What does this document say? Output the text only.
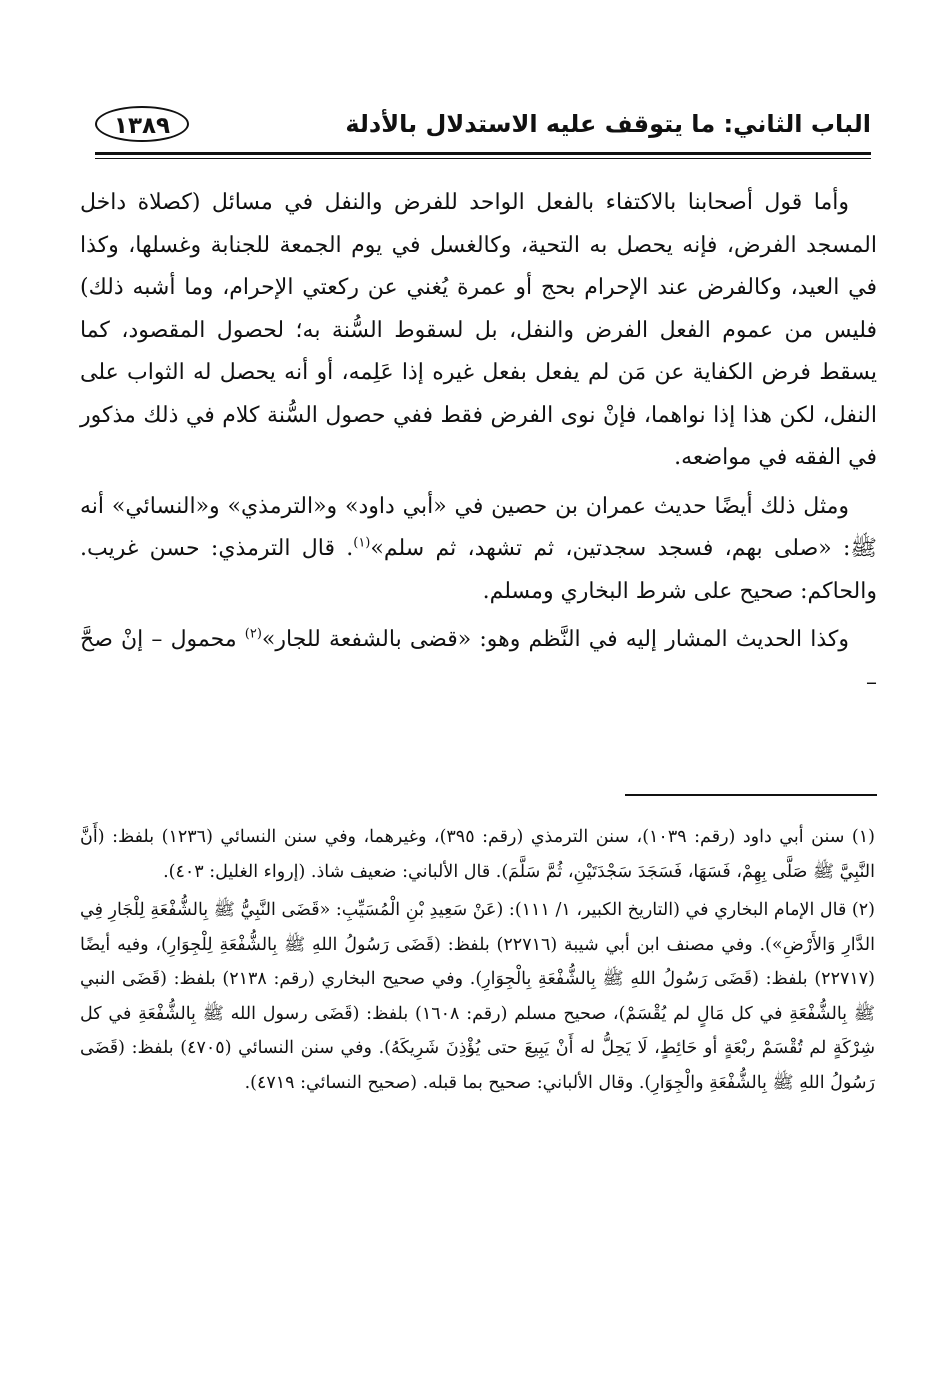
الباب الثاني: ما يتوقف عليه الاستدلال بالأدلة
١٣٨٩

وأما قول أصحابنا بالاكتفاء بالفعل الواحد للفرض والنفل في مسائل (كصلاة داخل المسجد الفرض، فإنه يحصل به التحية، وكالغسل في يوم الجمعة للجنابة وغسلها، وكذا في العيد، وكالفرض عند الإحرام بحج أو عمرة يُغني عن ركعتي الإحرام، وما أشبه ذلك) فليس من عموم الفعل الفرض والنفل، بل لسقوط السُّنة به؛ لحصول المقصود، كما يسقط فرض الكفاية عن مَن لم يفعل بفعل غيره إذا عَلِمه، أو أنه يحصل له الثواب على النفل، لكن هذا إذا نواهما، فإنْ نوى الفرض فقط ففي حصول السُّنة كلام في ذلك مذكور في الفقه في مواضعه.

ومثل ذلك أيضًا حديث عمران بن حصين في «أبي داود» و«الترمذي» و«النسائي» أنه ﷺ: «صلى بهم، فسجد سجدتين، ثم تشهد، ثم سلم»$^{(١)}$. قال الترمذي: حسن غريب. والحاكم: صحيح على شرط البخاري ومسلم.

وكذا الحديث المشار إليه في النَّظم وهو: «قضى بالشفعة للجار»$^{(٢)}$ محمول – إنْ صحَّ –

(١) سنن أبي داود (رقم: ١٠٣٩)، سنن الترمذي (رقم: ٣٩٥)، وغيرهما، وفي سنن النسائي (١٢٣٦) بلفظ: (أَنَّ النَّبِيَّ ﷺ صَلَّى بِهِمْ، فَسَهَا، فَسَجَدَ سَجْدَتَيْنِ، ثُمَّ سَلَّمَ). قال الألباني: ضعيف شاذ. (إرواء الغليل: ٤٠٣).

(٢) قال الإمام البخاري في (التاريخ الكبير، ١/ ١١١): (عَنْ سَعِيدِ بْنِ الْمُسَيِّبِ: «قَضَى النَّبِيُّ ﷺ بِالشُّفْعَةِ لِلْجَارِ فِي الدَّارِ وَالأَرْضِ»). وفي مصنف ابن أبي شيبة (٢٢٧١٦) بلفظ: (قَضَى رَسُولُ اللهِ ﷺ بِالشُّفْعَةِ لِلْجِوَارِ)، وفيه أيضًا (٢٢٧١٧) بلفظ: (قَضَى رَسُولُ اللهِ ﷺ بِالشُّفْعَةِ بِالْجِوَارِ). وفي صحيح البخاري (رقم: ٢١٣٨) بلفظ: (قَضَى النبي ﷺ بِالشُّفْعَةِ في كل مَالٍ لم يُقْسَمْ)، صحيح مسلم (رقم: ١٦٠٨) بلفظ: (قَضَى رسول الله ﷺ بِالشُّفْعَةِ في كل شِرْكَةٍ لم تُقْسَمْ ربْعَةٍ أو حَائِطٍ، لَا يَحِلُّ له أَنْ يَبِيعَ حتى يُؤْذِنَ شَرِيكَهُ). وفي سنن النسائي (٤٧٠٥) بلفظ: (قَضَى رَسُولُ اللهِ ﷺ بِالشُّفْعَةِ والْجِوَارِ). وقال الألباني: صحيح بما قبله. (صحيح النسائي: ٤٧١٩).
